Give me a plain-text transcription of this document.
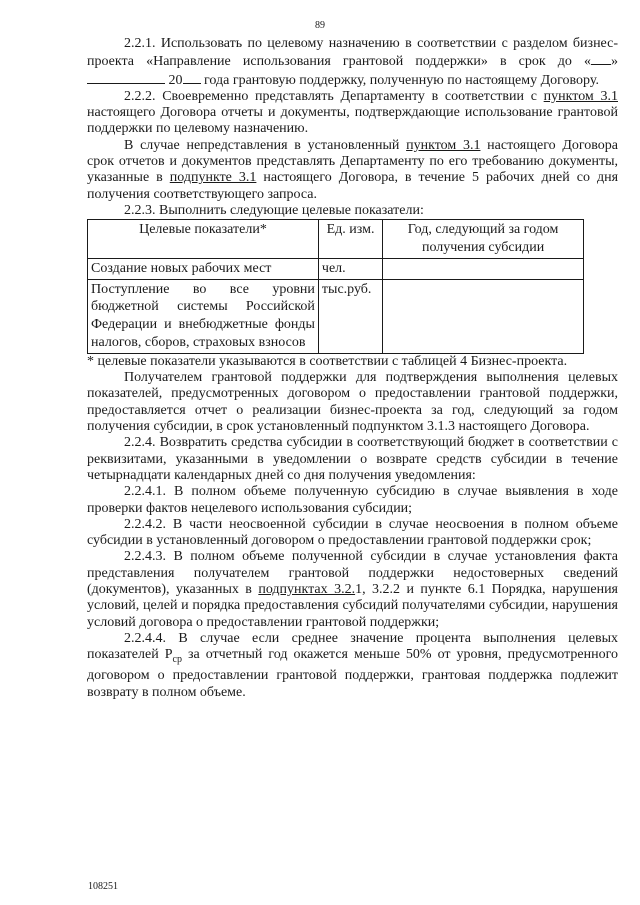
89

2.2.1. Использовать по целевому назначению в соответствии с разделом бизнес-проекта «Направление использования грантовой поддержки» в срок до « » 20 года грантовую поддержку, полученную по настоящему Договору.

2.2.2. Своевременно представлять Департаменту в соответствии с пунктом 3.1 настоящего Договора отчеты и документы, подтверждающие использование грантовой поддержки по целевому назначению.

В случае непредставления в установленный пунктом 3.1 настоящего Договора срок отчетов и документов представлять Департаменту по его требованию документы, указанные в подпункте 3.1 настоящего Договора, в течение 5 рабочих дней со дня получения соответствующего запроса.

2.2.3. Выполнить следующие целевые показатели:

Целевые показатели*	Ед. изм.	Год, следующий за годом получения субсидии
Создание новых рабочих мест	чел.	
Поступление во все уровни бюджетной системы Российской Федерации и внебюджетные фонды налогов, сборов, страховых взносов	тыс.руб.	

* целевые показатели указываются в соответствии с таблицей 4 Бизнес-проекта.

Получателем грантовой поддержки для подтверждения выполнения целевых показателей, предусмотренных договором о предоставлении грантовой поддержки, предоставляется отчет о реализации бизнес-проекта за год, следующий за годом получения субсидии, в срок установленный подпунктом 3.1.3 настоящего Договора.

2.2.4. Возвратить средства субсидии в соответствующий бюджет в соответствии с реквизитами, указанными в уведомлении о возврате средств субсидии в течение четырнадцати календарных дней со дня получения уведомления:

2.2.4.1. В полном объеме полученную субсидию в случае выявления в ходе проверки фактов нецелевого использования субсидии;

2.2.4.2. В части неосвоенной субсидии в случае неосвоения в полном объеме субсидии в установленный договором о предоставлении грантовой поддержки срок;

2.2.4.3. В полном объеме полученной субсидии в случае установления факта представления получателем грантовой поддержки недостоверных сведений (документов), указанных в подпунктах 3.2.1, 3.2.2 и пункте 6.1 Порядка, нарушения условий, целей и порядка предоставления субсидий получателями субсидии, нарушения условий договора о предоставлении грантовой поддержки;

2.2.4.4. В случае если среднее значение процента выполнения целевых показателей $Р_{ср}$ за отчетный год окажется меньше 50% от уровня, предусмотренного договором о предоставлении грантовой поддержки, грантовая поддержка подлежит возврату в полном объеме.

108251
